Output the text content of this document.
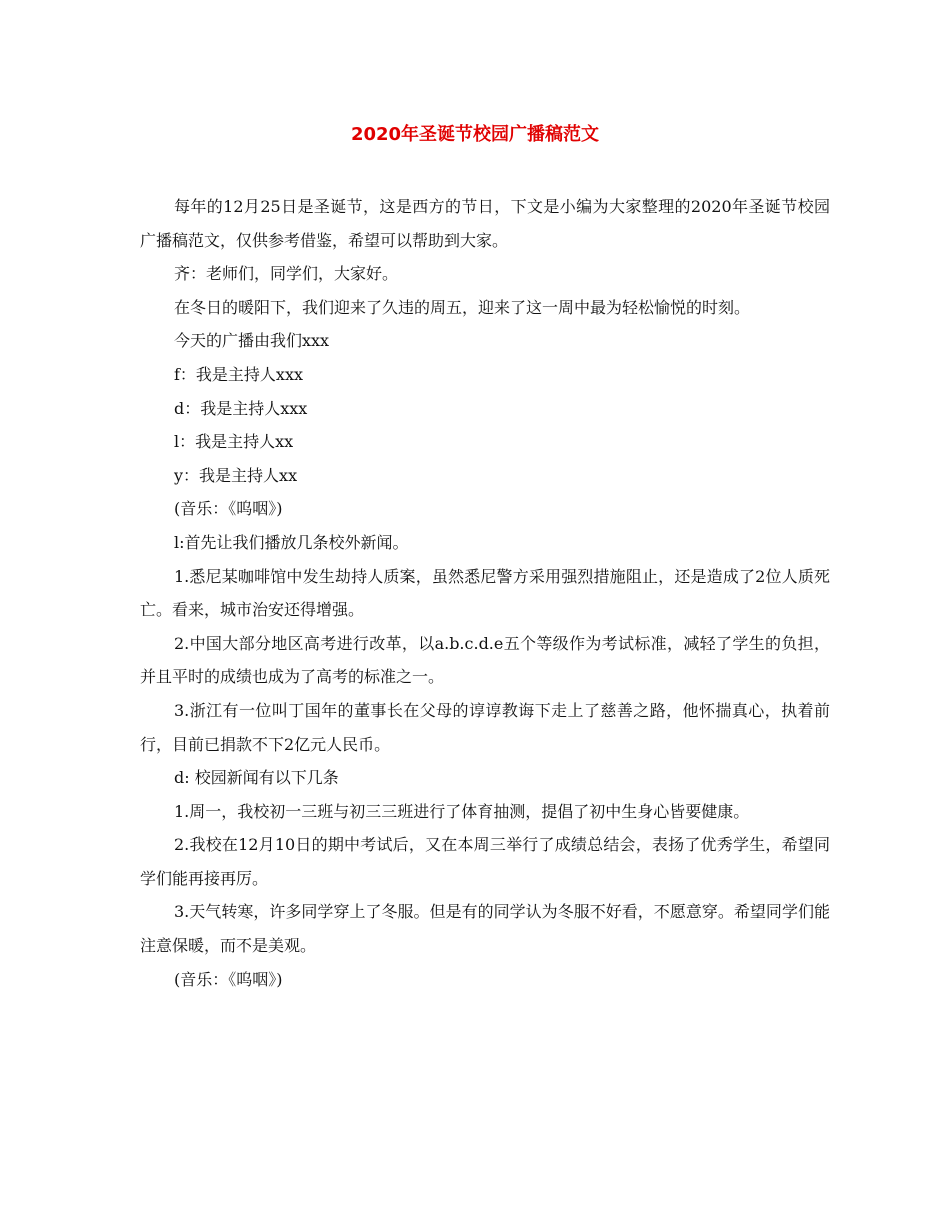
2020年圣诞节校园广播稿范文

每年的12月25日是圣诞节，这是西方的节日，下文是小编为大家整理的2020年圣诞节校园广播稿范文，仅供参考借鉴，希望可以帮助到大家。

齐：老师们，同学们，大家好。

在冬日的暖阳下，我们迎来了久违的周五，迎来了这一周中最为轻松愉悦的时刻。

今天的广播由我们xxx

f：我是主持人xxx

d：我是主持人xxx

l：我是主持人xx

y：我是主持人xx

(音乐：《呜咽》)

l:首先让我们播放几条校外新闻。

1.悉尼某咖啡馆中发生劫持人质案，虽然悉尼警方采用强烈措施阻止，还是造成了2位人质死亡。看来，城市治安还得增强。

2.中国大部分地区高考进行改革，以a.b.c.d.e五个等级作为考试标准，减轻了学生的负担，并且平时的成绩也成为了高考的标准之一。

3.浙江有一位叫丁国年的董事长在父母的谆谆教诲下走上了慈善之路，他怀揣真心，执着前行，目前已捐款不下2亿元人民币。

d: 校园新闻有以下几条

1.周一，我校初一三班与初三三班进行了体育抽测，提倡了初中生身心皆要健康。

2.我校在12月10日的期中考试后，又在本周三举行了成绩总结会，表扬了优秀学生，希望同学们能再接再厉。

3.天气转寒，许多同学穿上了冬服。但是有的同学认为冬服不好看，不愿意穿。希望同学们能注意保暖，而不是美观。

(音乐：《呜咽》)
